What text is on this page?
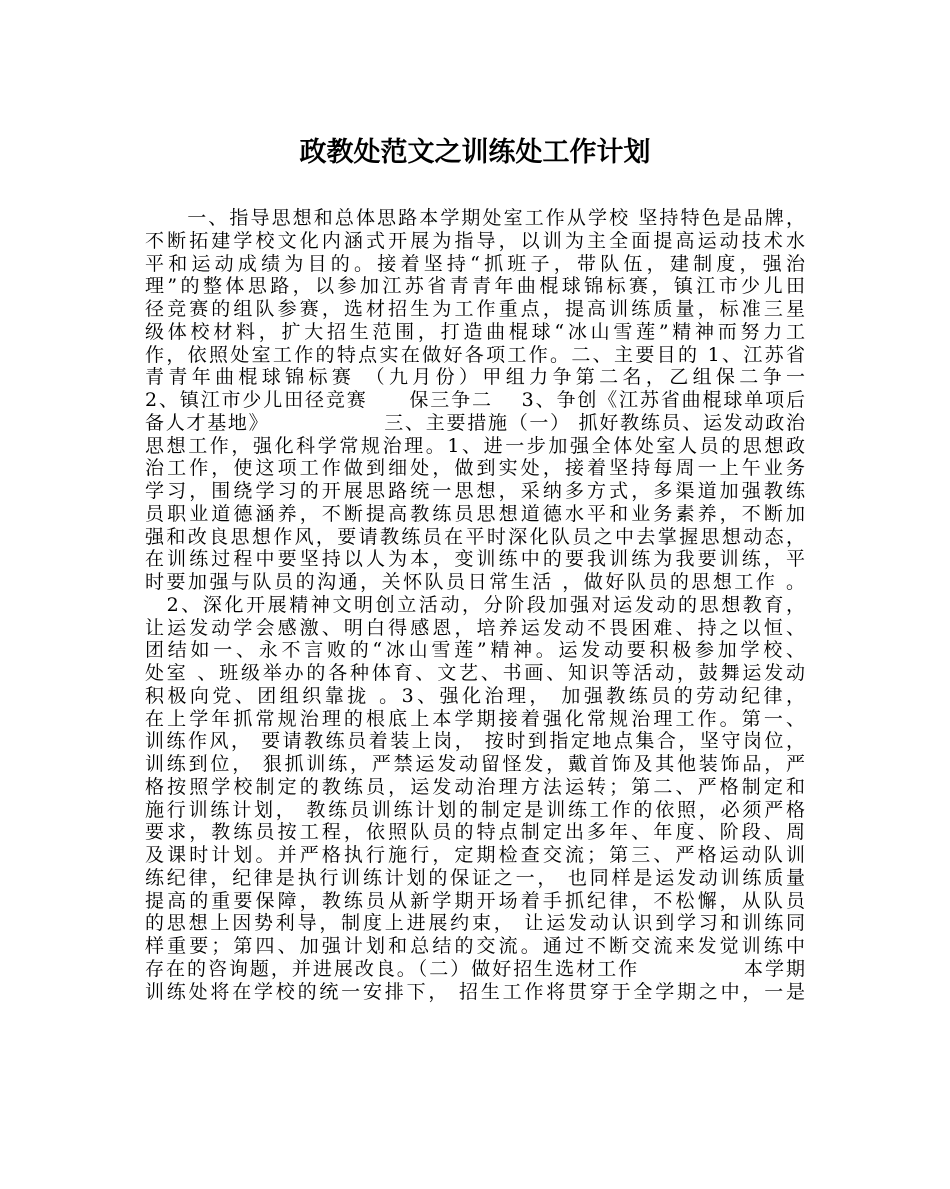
政教处范文之训练处工作计划
　　一、指导思想和总体思路本学期处室工作从学校 坚持特色是品牌，
不断拓建学校文化内涵式开展为指导，以训为主全面提高运动技术水
平和运动成绩为目的。接着坚持“抓班子，带队伍，建制度，强治
理”的整体思路，以参加江苏省青青年曲棍球锦标赛，镇江市少儿田
径竞赛的组队参赛，选材招生为工作重点，提高训练质量，标准三星
级体校材料，扩大招生范围，打造曲棍球“冰山雪莲”精神而努力工
作，依照处室工作的特点实在做好各项工作。二、主要目的 1、江苏省
青青年曲棍球锦标赛 （九月份）甲组力争第二名，乙组保二争一
2、镇江市少儿田径竞赛　　保三争二　 3、争创《江苏省曲棍球单项后
备人才基地》　　　　　　三、主要措施（一） 抓好教练员、运发动政治
思想工作，强化科学常规治理。1、进一步加强全体处室人员的思想政
治工作，使这项工作做到细处，做到实处，接着坚持每周一上午业务
学习，围绕学习的开展思路统一思想，采纳多方式，多渠道加强教练
员职业道德涵养，不断提高教练员思想道德水平和业务素养，不断加
强和改良思想作风，要请教练员在平时深化队员之中去掌握思想动态，
在训练过程中要坚持以人为本，变训练中的要我训练为我要训练，平
时要加强与队员的沟通，关怀队员日常生活 ，做好队员的思想工作 。
　2、深化开展精神文明创立活动，分阶段加强对运发动的思想教育，
让运发动学会感激、明白得感恩，培养运发动不畏困难、持之以恒、
团结如一、永不言败的“冰山雪莲”精神。运发动要积极参加学校、
处室 、班级举办的各种体育、文艺、书画、知识等活动，鼓舞运发动
积极向党、团组织靠拢 。3、强化治理， 加强教练员的劳动纪律，
在上学年抓常规治理的根底上本学期接着强化常规治理工作。第一、
训练作风， 要请教练员着装上岗， 按时到指定地点集合，坚守岗位，
训练到位， 狠抓训练，严禁运发动留怪发，戴首饰及其他装饰品，严
格按照学校制定的教练员，运发动治理方法运转；第二、严格制定和
施行训练计划， 教练员训练计划的制定是训练工作的依照，必须严格
要求，教练员按工程，依照队员的特点制定出多年、年度、阶段、周
及课时计划。并严格执行施行，定期检查交流；第三、严格运动队训
练纪律，纪律是执行训练计划的保证之一， 也同样是运发动训练质量
提高的重要保障，教练员从新学期开场着手抓纪律，不松懈，从队员
的思想上因势利导，制度上进展约束， 让运发动认识到学习和训练同
样重要；第四、加强计划和总结的交流。通过不断交流来发觉训练中
存在的咨询题，并进展改良。（二）做好招生选材工作　　　　　本学期
训练处将在学校的统一安排下， 招生工作将贯穿于全学期之中，一是
